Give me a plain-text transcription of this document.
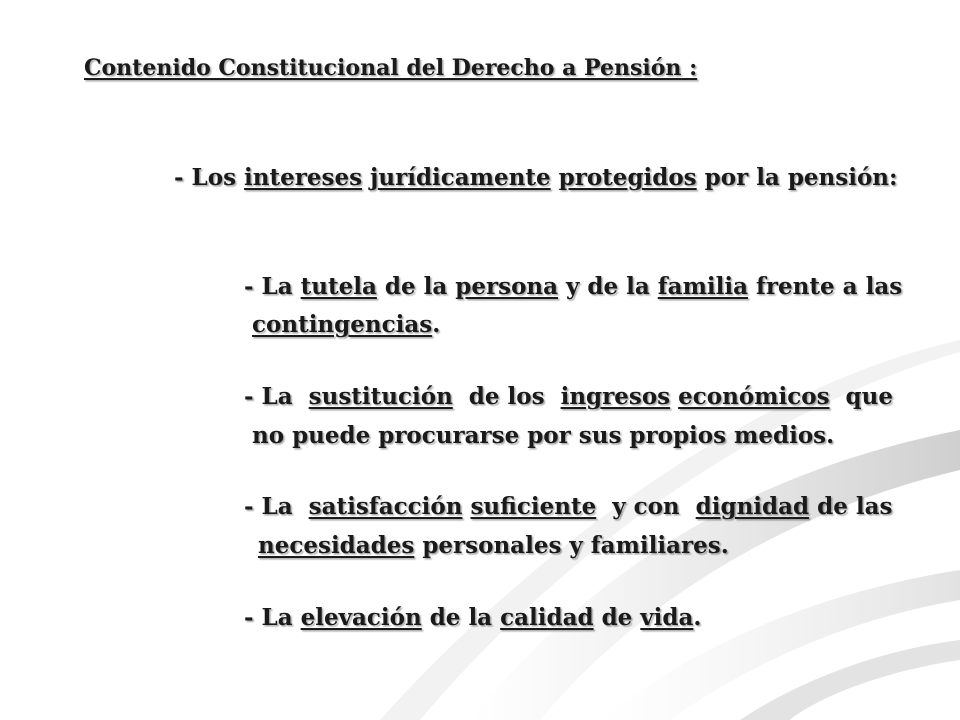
Contenido Constitucional del Derecho a Pensión :
- Los intereses jurídicamente protegidos por la pensión:
- La tutela de la persona y de la familia frente a las
contingencias.
- La  sustitución  de los  ingresos económicos  que
no puede procurarse por sus propios medios.
- La  satisfacción suficiente  y con  dignidad de las
necesidades personales y familiares.
- La elevación de la calidad de vida.
